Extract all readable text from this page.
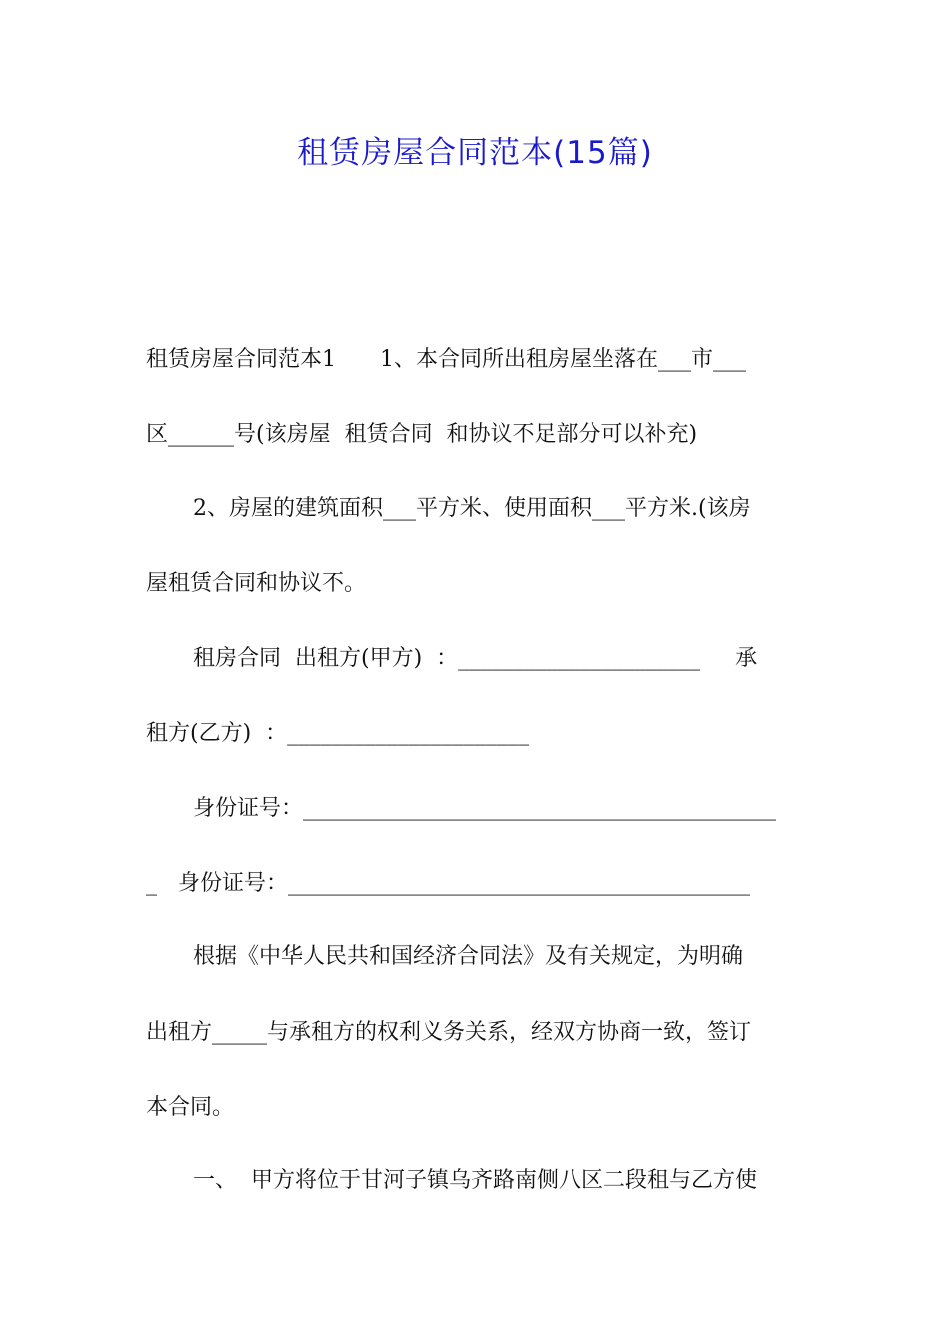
租赁房屋合同范本(15篇)
租赁房屋合同范本1　　1、本合同所出租房屋坐落在___市___
区______号(该房屋  租赁合同  和协议不足部分可以补充)
2、房屋的建筑面积___平方米、使用面积___平方米.(该房
屋租赁合同和协议不。
租房合同  出租方(甲方)  ：______________________     承
租方(乙方)  ：______________________
身份证号：___________________________________________
_   身份证号：__________________________________________
根据《中华人民共和国经济合同法》及有关规定，为明确
出租方_____与承租方的权利义务关系，经双方协商一致，签订
本合同。
一、  甲方将位于甘河子镇乌齐路南侧八区二段租与乙方使
